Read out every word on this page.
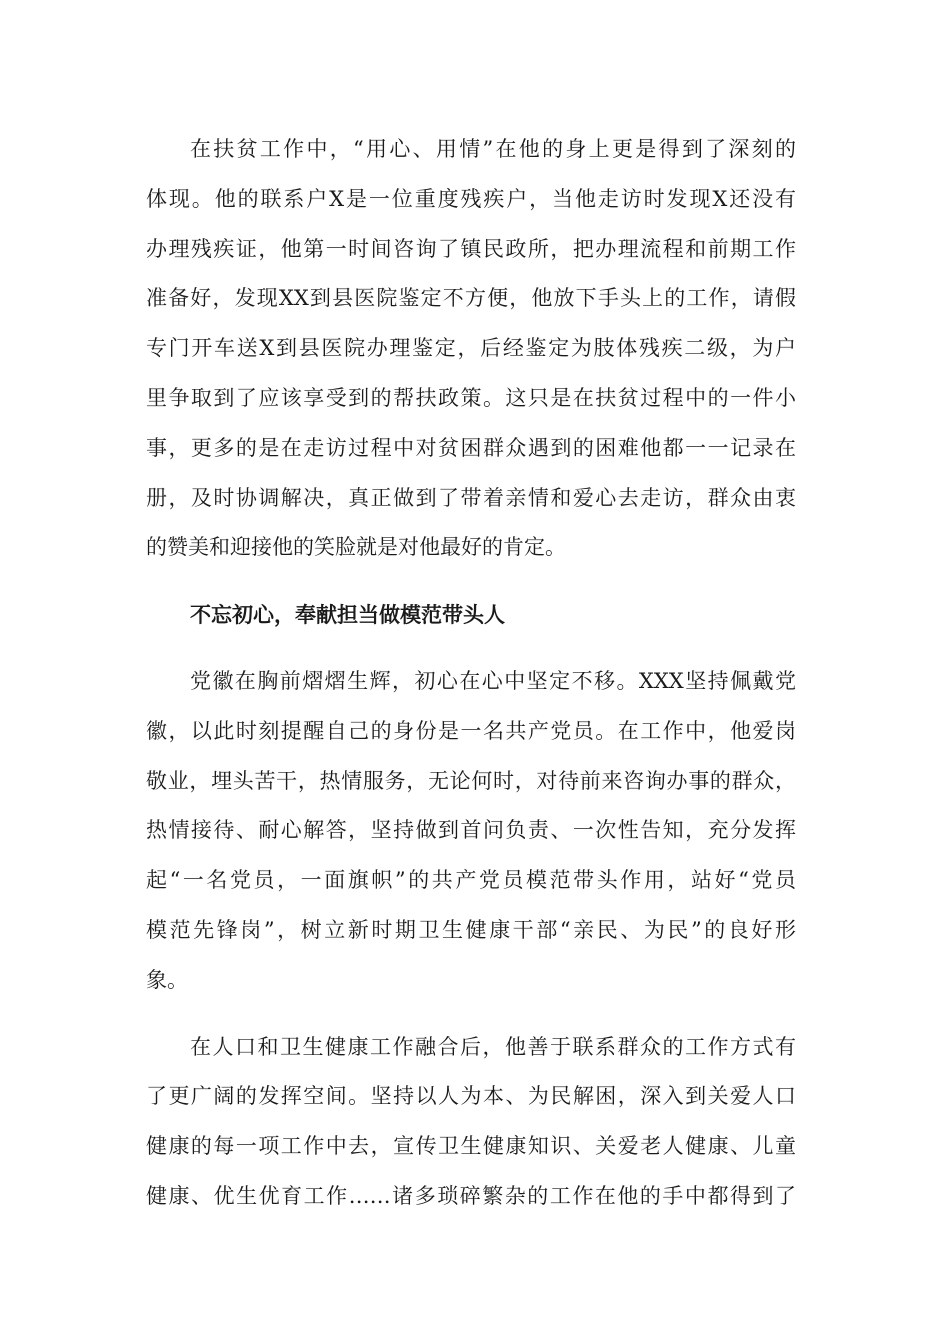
在扶贫工作中，“用心、用情”在他的身上更是得到了深刻的
体现。他的联系户X是一位重度残疾户，当他走访时发现X还没有
办理残疾证，他第一时间咨询了镇民政所，把办理流程和前期工作
准备好，发现XX到县医院鉴定不方便，他放下手头上的工作，请假
专门开车送X到县医院办理鉴定，后经鉴定为肢体残疾二级，为户
里争取到了应该享受到的帮扶政策。这只是在扶贫过程中的一件小
事，更多的是在走访过程中对贫困群众遇到的困难他都一一记录在
册，及时协调解决，真正做到了带着亲情和爱心去走访，群众由衷
的赞美和迎接他的笑脸就是对他最好的肯定。
不忘初心，奉献担当做模范带头人
党徽在胸前熠熠生辉，初心在心中坚定不移。XXX坚持佩戴党
徽，以此时刻提醒自己的身份是一名共产党员。在工作中，他爱岗
敬业，埋头苦干，热情服务，无论何时，对待前来咨询办事的群众，
热情接待、耐心解答，坚持做到首问负责、一次性告知，充分发挥
起“一名党员，一面旗帜”的共产党员模范带头作用，站好“党员
模范先锋岗”，树立新时期卫生健康干部“亲民、为民”的良好形
象。
在人口和卫生健康工作融合后，他善于联系群众的工作方式有
了更广阔的发挥空间。坚持以人为本、为民解困，深入到关爱人口
健康的每一项工作中去，宣传卫生健康知识、关爱老人健康、儿童
健康、优生优育工作……诸多琐碎繁杂的工作在他的手中都得到了
